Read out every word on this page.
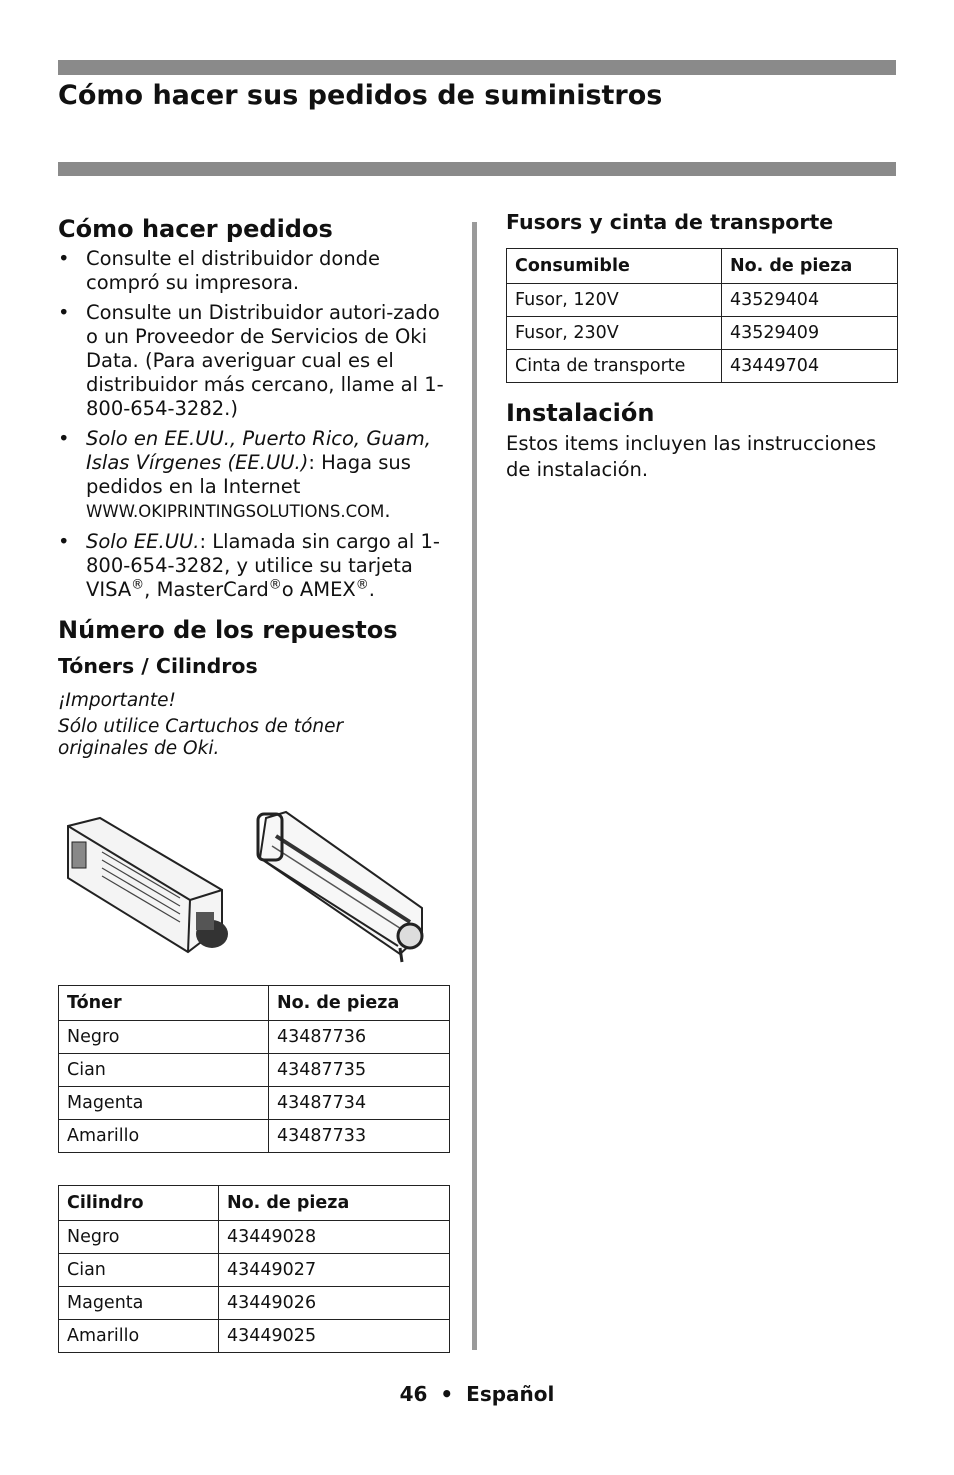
Cómo hacer sus pedidos de suministros
Cómo hacer pedidos
• Consulte el distribuidor donde compró su impresora.
• Consulte un Distribuidor autori-zado o un Proveedor de Servicios de Oki Data. (Para averiguar cual es el distribuidor más cercano, llame al 1-800-654-3282.)
• Solo en EE.UU., Puerto Rico, Guam, Islas Vírgenes (EE.UU.): Haga sus pedidos en la Internet WWW.OKIPRINTINGSOLUTIONS.COM.
• Solo EE.UU.: Llamada sin cargo al 1-800-654-3282, y utilice su tarjeta VISA®, MasterCard®o AMEX®.
Número de los repuestos
Tóners / Cilindros
¡Importante!
Sólo utilice Cartuchos de tóner originales de Oki.
Tóner	No. de pieza
Negro	43487736
Cian	43487735
Magenta	43487734
Amarillo	43487733
Cilindro	No. de pieza
Negro	43449028
Cian	43449027
Magenta	43449026
Amarillo	43449025
Fusors y cinta de transporte
Consumible	No. de pieza
Fusor, 120V	43529404
Fusor, 230V	43529409
Cinta de transporte	43449704
Instalación
Estos items incluyen las instrucciones de instalación.
46 • Español
